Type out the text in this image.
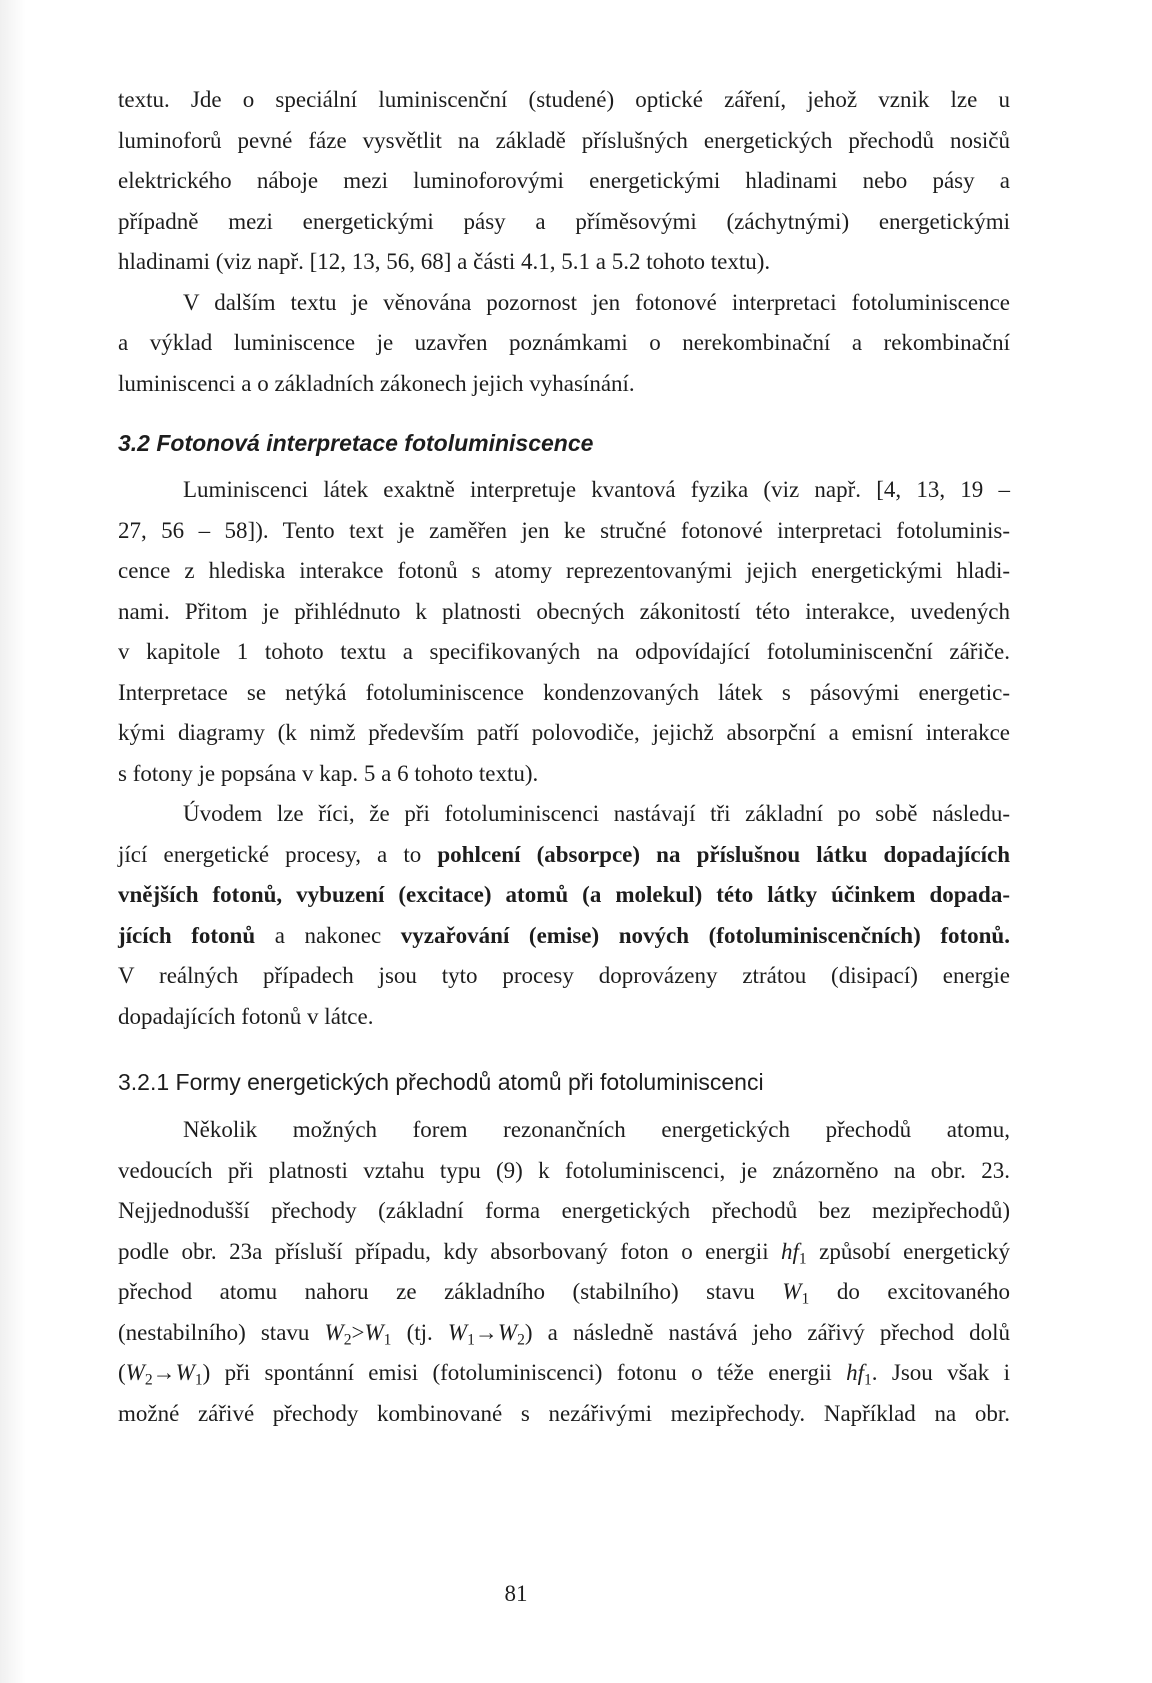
textu. Jde o speciální luminiscenční (studené) optické záření, jehož vznik lze u
luminoforů pevné fáze vysvětlit na základě příslušných energetických přechodů nosičů
elektrického náboje mezi luminoforovými energetickými hladinami nebo pásy a
případně mezi energetickými pásy a příměsovými (záchytnými) energetickými
hladinami (viz např. [12, 13, 56, 68] a části 4.1, 5.1 a 5.2 tohoto textu).
V dalším textu je věnována pozornost jen fotonové interpretaci fotoluminiscence
a výklad luminiscence je uzavřen poznámkami o nerekombinační a rekombinační
luminiscenci a o základních zákonech jejich vyhasínání.
3.2 Fotonová interpretace fotoluminiscence
Luminiscenci látek exaktně interpretuje kvantová fyzika (viz např. [4, 13, 19 –
27, 56 – 58]). Tento text je zaměřen jen ke stručné fotonové interpretaci fotoluminis-
cence z hlediska interakce fotonů s atomy reprezentovanými jejich energetickými hladi-
nami. Přitom je přihlédnuto k platnosti obecných zákonitostí této interakce, uvedených
v kapitole 1 tohoto textu a specifikovaných na odpovídající fotoluminiscenční zářiče.
Interpretace se netýká fotoluminiscence kondenzovaných látek s pásovými energetic-
kými diagramy (k nimž především patří polovodiče, jejichž absorpční a emisní interakce
s fotony je popsána v kap. 5 a 6 tohoto textu).
Úvodem lze říci, že při fotoluminiscenci nastávají tři základní po sobě následu-
jící energetické procesy, a to pohlcení (absorpce) na příslušnou látku dopadajících
vnějších fotonů, vybuzení (excitace) atomů (a molekul) této látky účinkem dopada-
jících fotonů a nakonec vyzařování (emise) nových (fotoluminiscenčních) fotonů.
V reálných případech jsou tyto procesy doprovázeny ztrátou (disipací) energie
dopadajících fotonů v látce.
3.2.1 Formy energetických přechodů atomů při fotoluminiscenci
Několik možných forem rezonančních energetických přechodů atomu,
vedoucích při platnosti vztahu typu (9) k fotoluminiscenci, je znázorněno na obr. 23.
Nejjednodušší přechody (základní forma energetických přechodů bez mezipřechodů)
podle obr. 23a přísluší případu, kdy absorbovaný foton o energii $hf_1$ způsobí energetický
přechod atomu nahoru ze základního (stabilního) stavu $W_1$ do excitovaného
(nestabilního) stavu $W_2>W_1$ (tj. $W_1\to W_2$) a následně nastává jeho zářivý přechod dolů
$(W_2\to W_1)$ při spontánní emisi (fotoluminiscenci) fotonu o téže energii $hf_1$. Jsou však i
možné zářivé přechody kombinované s nezářivými mezipřechody. Například na obr.
81
